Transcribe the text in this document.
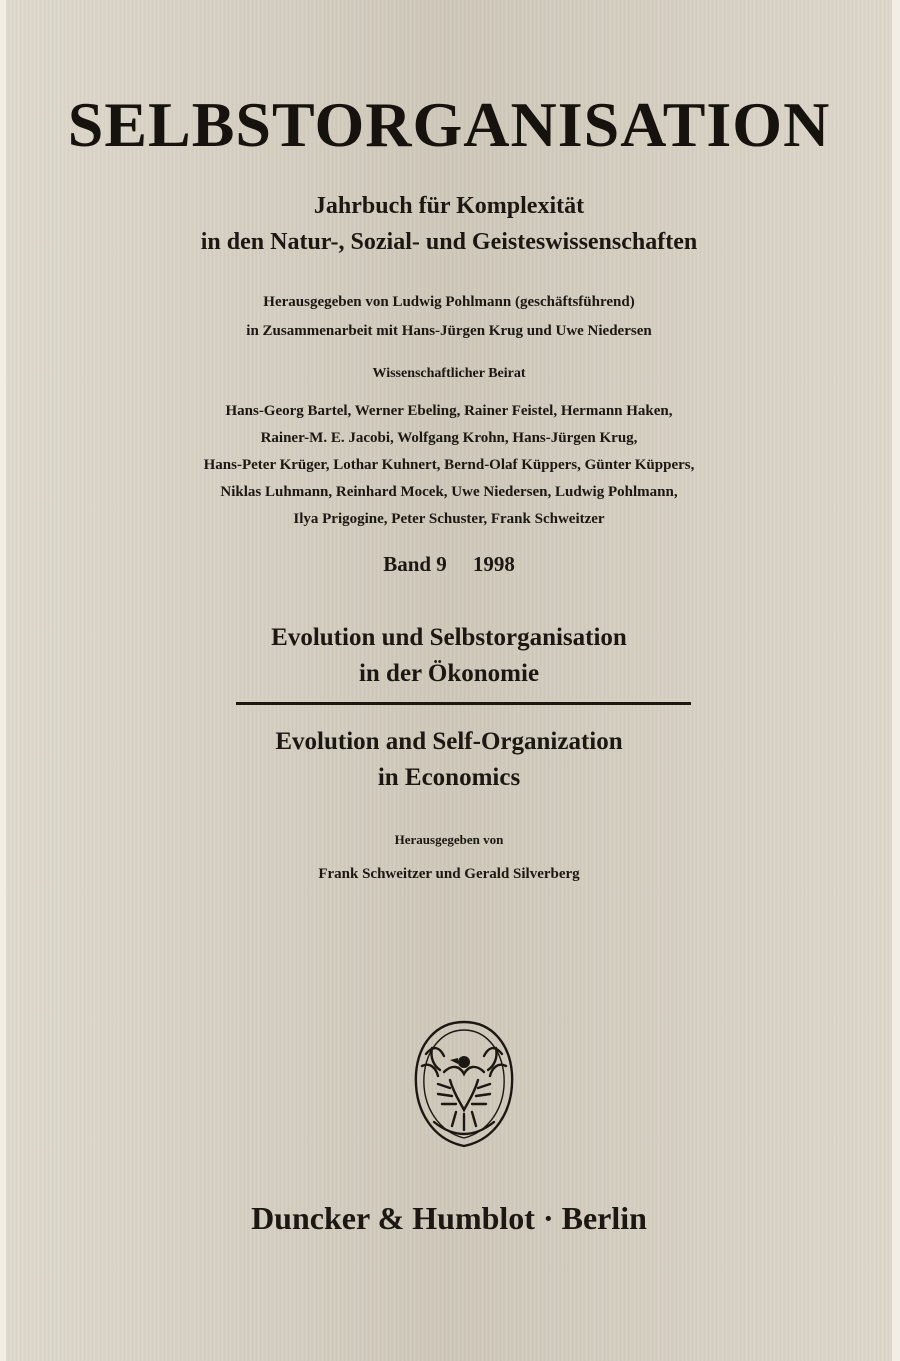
SELBSTORGANISATION
Jahrbuch für Komplexität
in den Natur-, Sozial- und Geisteswissenschaften
Herausgegeben von Ludwig Pohlmann (geschäftsführend)
in Zusammenarbeit mit Hans-Jürgen Krug und Uwe Niedersen
Wissenschaftlicher Beirat
Hans-Georg Bartel, Werner Ebeling, Rainer Feistel, Hermann Haken,
Rainer-M. E. Jacobi, Wolfgang Krohn, Hans-Jürgen Krug,
Hans-Peter Krüger, Lothar Kuhnert, Bernd-Olaf Küppers, Günter Küppers,
Niklas Luhmann, Reinhard Mocek, Uwe Niedersen, Ludwig Pohlmann,
Ilya Prigogine, Peter Schuster, Frank Schweitzer
Band 9 1998
Evolution und Selbstorganisation
in der Ökonomie
Evolution and Self-Organization
in Economics
Herausgegeben von
Frank Schweitzer und Gerald Silverberg
Duncker & Humblot · Berlin
